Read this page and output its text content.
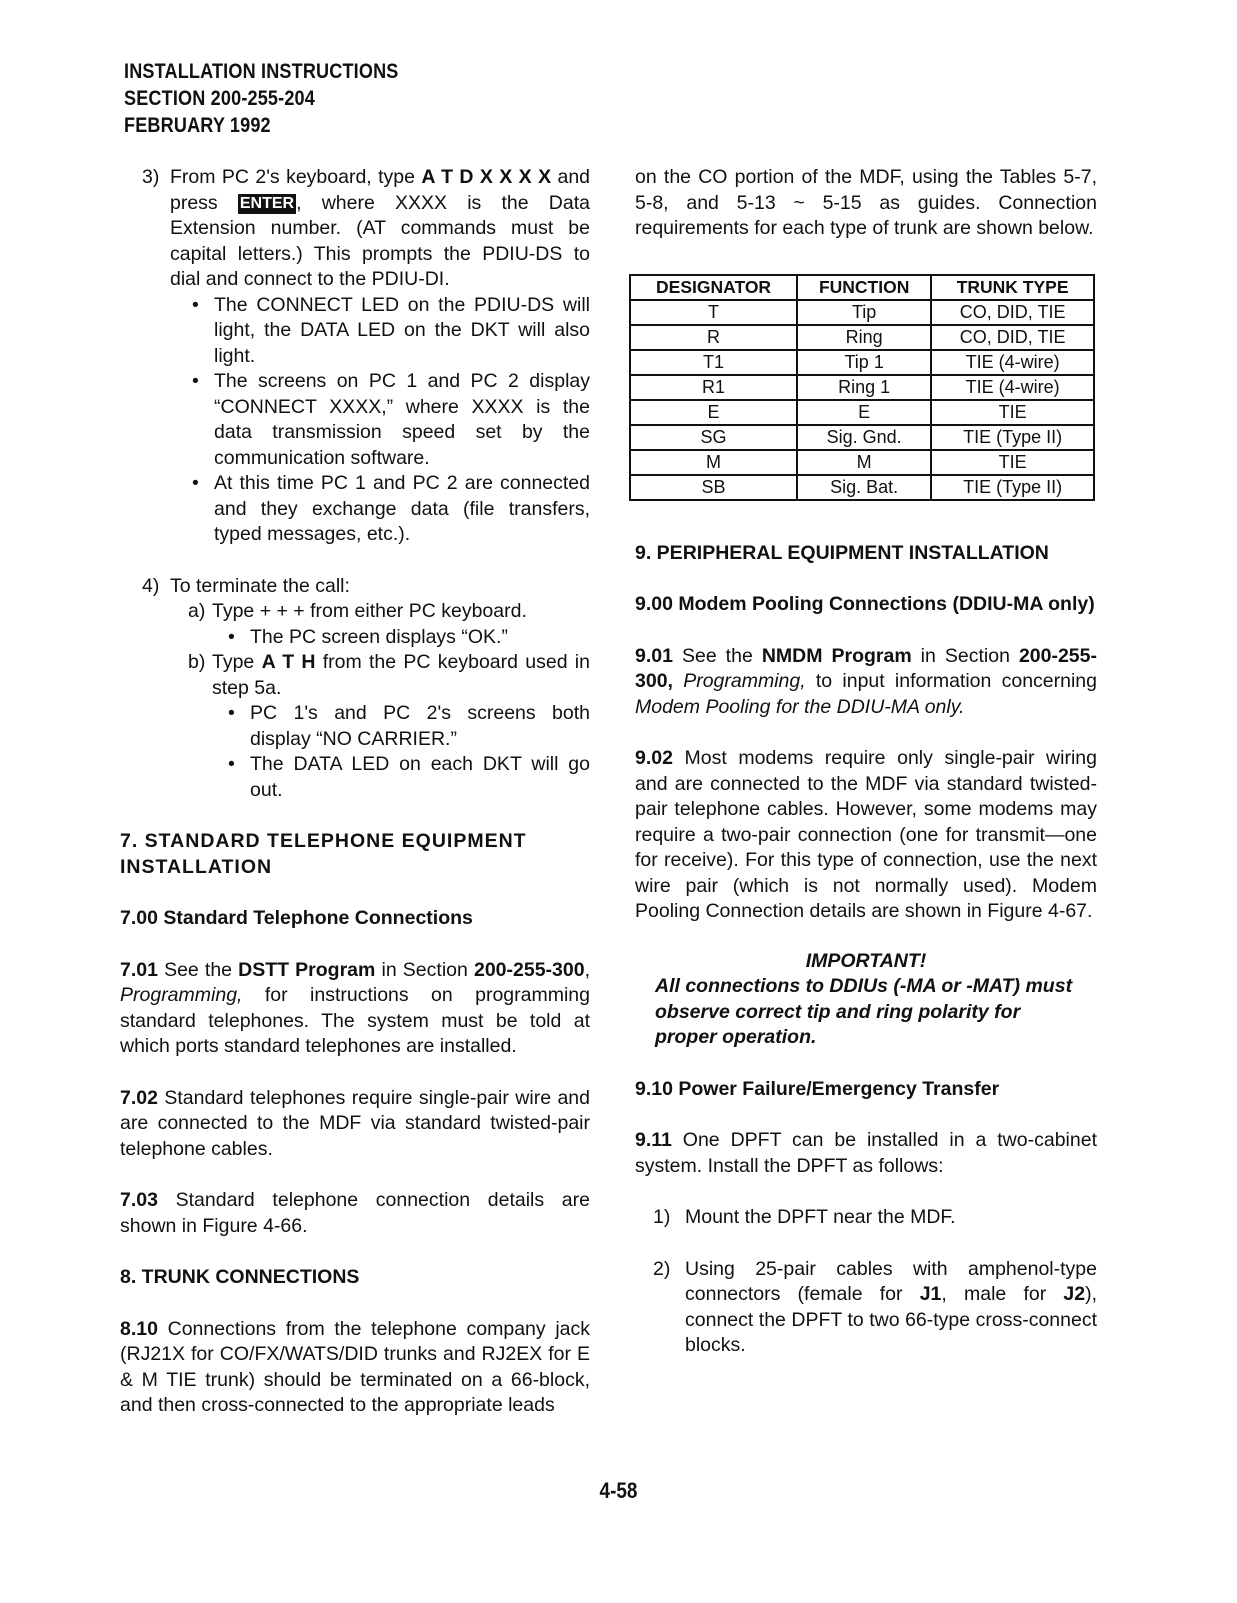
INSTALLATION INSTRUCTIONS
SECTION 200-255-204
FEBRUARY 1992
3) From PC 2's keyboard, type A T D X X X X and press ENTER , where XXXX is the Data Extension number. (AT commands must be capital letters.) This prompts the PDIU-DS to dial and connect to the PDIU-DI.

• The CONNECT LED on the PDIU-DS will light, the DATA LED on the DKT will also light.

• The screens on PC 1 and PC 2 display “CONNECT XXXX,” where XXXX is the data transmission speed set by the communication software.

• At this time PC 1 and PC 2 are connected and they exchange data (file transfers, typed messages, etc.).

4) To terminate the call:

a) Type + + + from either PC keyboard.

• The PC screen displays “OK.”

b) Type A T H from the PC keyboard used in step 5a.

• PC 1's and PC 2's screens both display “NO CARRIER.”

• The DATA LED on each DKT will go out.

7. STANDARD TELEPHONE EQUIPMENT INSTALLATION

7.00 Standard Telephone Connections

7.01 See the DSTT Program in Section 200-255-300, Programming, for instructions on programming standard telephones. The system must be told at which ports standard telephones are installed.

7.02 Standard telephones require single-pair wire and are connected to the MDF via standard twisted-pair telephone cables.

7.03 Standard telephone connection details are shown in Figure 4-66.

8. TRUNK CONNECTIONS

8.10 Connections from the telephone company jack (RJ21X for CO/FX/WATS/DID trunks and RJ2EX for E & M TIE trunk) should be terminated on a 66-block, and then cross-connected to the appropriate leads

on the CO portion of the MDF, using the Tables 5-7, 5-8, and 5-13 ~ 5-15 as guides. Connection requirements for each type of trunk are shown below.

DESIGNATOR	FUNCTION	TRUNK TYPE
T	Tip	CO, DID, TIE
R	Ring	CO, DID, TIE
T1	Tip 1	TIE (4-wire)
R1	Ring 1	TIE (4-wire)
E	E	TIE
SG	Sig. Gnd.	TIE (Type II)
M	M	TIE
SB	Sig. Bat.	TIE (Type II)

9. PERIPHERAL EQUIPMENT INSTALLATION

9.00 Modem Pooling Connections (DDIU-MA only)

9.01 See the NMDM Program in Section 200-255-300, Programming, to input information concerning Modem Pooling for the DDIU-MA only.

9.02 Most modems require only single-pair wiring and are connected to the MDF via standard twisted-pair telephone cables. However, some modems may require a two-pair connection (one for transmit—one for receive). For this type of connection, use the next wire pair (which is not normally used). Modem Pooling Connection details are shown in Figure 4-67.

IMPORTANT!

All connections to DDIUs (-MA or -MAT) must observe correct tip and ring polarity for proper operation.

9.10 Power Failure/Emergency Transfer

9.11 One DPFT can be installed in a two-cabinet system. Install the DPFT as follows:

1) Mount the DPFT near the MDF.

2) Using 25-pair cables with amphenol-type connectors (female for J1, male for J2), connect the DPFT to two 66-type cross-connect blocks.

4-58
